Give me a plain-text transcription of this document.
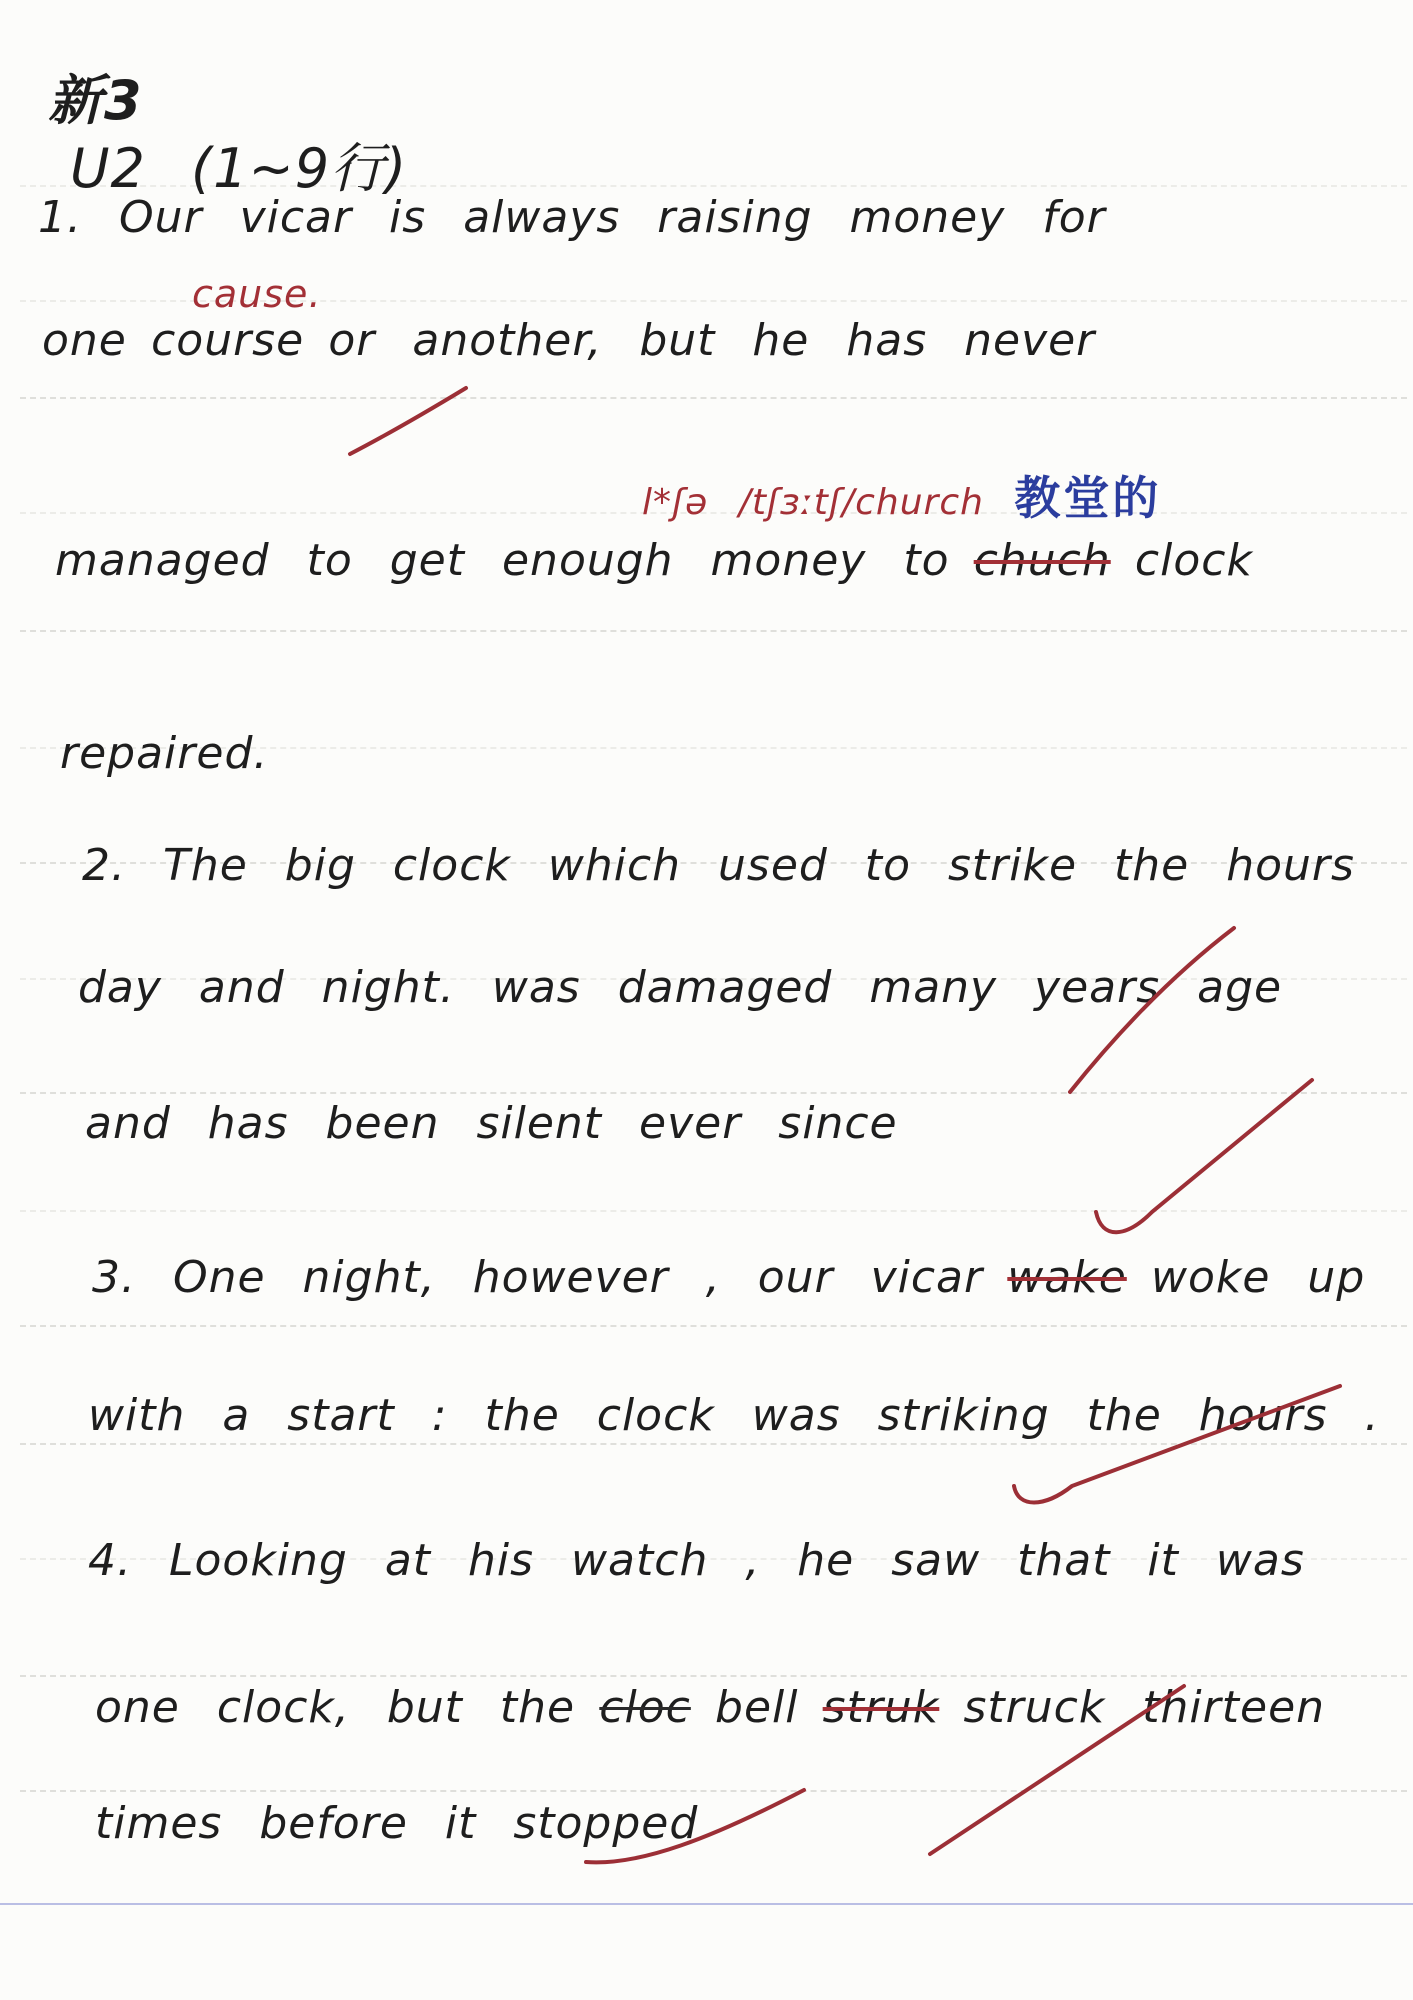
新3
U2 (1~9行)
1. Our vicar is always raising money for
cause.
one course or another, but he has never
l*ʃə /tʃɜːtʃ/church 教堂的
managed to get enough money to chuch clock
repaired.
2. The big clock which used to strike the hours
day and night. was damaged many years age
and has been silent ever since
3. One night, however , our vicar wake woke up
with a start : the clock was striking the hours .
4. Looking at his watch , he saw that it was
one clock, but the cloc bell struk struck thirteen
times before it stopped
